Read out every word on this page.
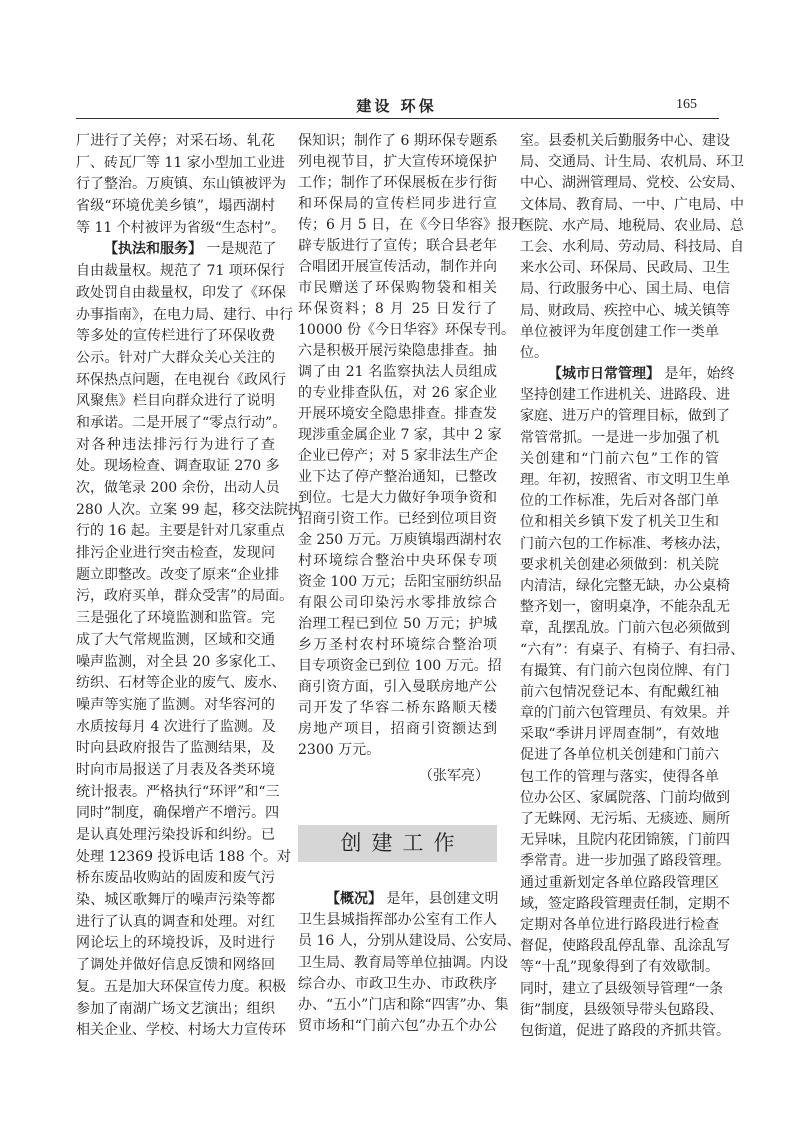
建设 环保	165
厂进行了关停；对采石场、轧花
厂、砖瓦厂等 11 家小型加工业进
行了整治。万庾镇、东山镇被评为
省级“环境优美乡镇”，塌西湖村
等 11 个村被评为省级“生态村”。
【执法和服务】 一是规范了
自由裁量权。规范了 71 项环保行
政处罚自由裁量权，印发了《环保
办事指南》，在电力局、建行、中行
等多处的宣传栏进行了环保收费
公示。针对广大群众关心关注的
环保热点问题，在电视台《政风行
风聚焦》栏目向群众进行了说明
和承诺。二是开展了“零点行动”。
对各种违法排污行为进行了查
处。现场检查、调查取证 270 多
次，做笔录 200 余份，出动人员
280 人次。立案 99 起，移交法院执
行的 16 起。主要是针对几家重点
排污企业进行突击检查，发现问
题立即整改。改变了原来“企业排
污，政府买单，群众受害”的局面。
三是强化了环境监测和监管。完
成了大气常规监测，区域和交通
噪声监测，对全县 20 多家化工、
纺织、石材等企业的废气、废水、
噪声等实施了监测。对华容河的
水质按每月 4 次进行了监测。及
时向县政府报告了监测结果，及
时向市局报送了月表及各类环境
统计报表。严格执行“环评”和“三
同时”制度，确保增产不增污。四
是认真处理污染投诉和纠纷。已
处理 12369 投诉电话 188 个。对
桥东废品收购站的固废和废气污
染、城区歌舞厅的噪声污染等都
进行了认真的调查和处理。对红
网论坛上的环境投诉，及时进行
了调处并做好信息反馈和网络回
复。五是加大环保宣传力度。积极
参加了南湖广场文艺演出；组织
相关企业、学校、村场大力宣传环
保知识；制作了 6 期环保专题系
列电视节目，扩大宣传环境保护
工作；制作了环保展板在步行街
和环保局的宣传栏同步进行宣
传；6 月 5 日，在《今日华容》报开
辟专版进行了宣传；联合县老年
合唱团开展宣传活动，制作并向
市民赠送了环保购物袋和相关
环保资料；8 月 25 日发行了
10000 份《今日华容》环保专刊。
六是积极开展污染隐患排查。抽
调了由 21 名监察执法人员组成
的专业排查队伍，对 26 家企业
开展环境安全隐患排查。排查发
现涉重金属企业 7 家，其中 2 家
企业已停产；对 5 家非法生产企
业下达了停产整治通知，已整改
到位。七是大力做好争项争资和
招商引资工作。已经到位项目资
金 250 万元。万庾镇塌西湖村农
村环境综合整治中央环保专项
资金 100 万元；岳阳宝丽纺织品
有限公司印染污水零排放综合
治理工程已到位 50 万元；护城
乡万圣村农村环境综合整治项
目专项资金已到位 100 万元。招
商引资方面，引入曼联房地产公
司开发了华容二桥东路顺天楼
房地产项目，招商引资额达到
2300 万元。
（张军亮）
创建工作
【概况】 是年，县创建文明
卫生县城指挥部办公室有工作人
员 16 人，分别从建设局、公安局、
卫生局、教育局等单位抽调。内设
综合办、市政卫生办、市政秩序
办、“五小”门店和除“四害”办、集
贸市场和“门前六包”办五个办公
室。县委机关后勤服务中心、建设
局、交通局、计生局、农机局、环卫
中心、湖洲管理局、党校、公安局、
文体局、教育局、一中、广电局、中
医院、水产局、地税局、农业局、总
工会、水利局、劳动局、科技局、自
来水公司、环保局、民政局、卫生
局、行政服务中心、国土局、电信
局、财政局、疾控中心、城关镇等
单位被评为年度创建工作一类单
位。
【城市日常管理】 是年，始终
坚持创建工作进机关、进路段、进
家庭、进万户的管理目标，做到了
常管常抓。一是进一步加强了机
关创建和“门前六包”工作的管
理。年初，按照省、市文明卫生单
位的工作标准，先后对各部门单
位和相关乡镇下发了机关卫生和
门前六包的工作标准、考核办法，
要求机关创建必须做到：机关院
内清洁，绿化完整无缺，办公桌椅
整齐划一，窗明桌净，不能杂乱无
章，乱摆乱放。门前六包必须做到
“六有”：有桌子、有椅子、有扫帚、
有撮箕、有门前六包岗位牌、有门
前六包情况登记本、有配戴红袖
章的门前六包管理员、有效果。并
采取“季讲月评周查制”，有效地
促进了各单位机关创建和门前六
包工作的管理与落实，使得各单
位办公区、家属院落、门前均做到
了无蛛网、无污垢、无痰迹、厕所
无异味，且院内花团锦簇，门前四
季常青。进一步加强了路段管理。
通过重新划定各单位路段管理区
域，签定路段管理责任制，定期不
定期对各单位进行路段进行检查
督促，使路段乱停乱靠、乱涂乱写
等“十乱”现象得到了有效歇制。
同时，建立了县级领导管理“一条
街”制度，县级领导带头包路段、
包街道，促进了路段的齐抓共管。
